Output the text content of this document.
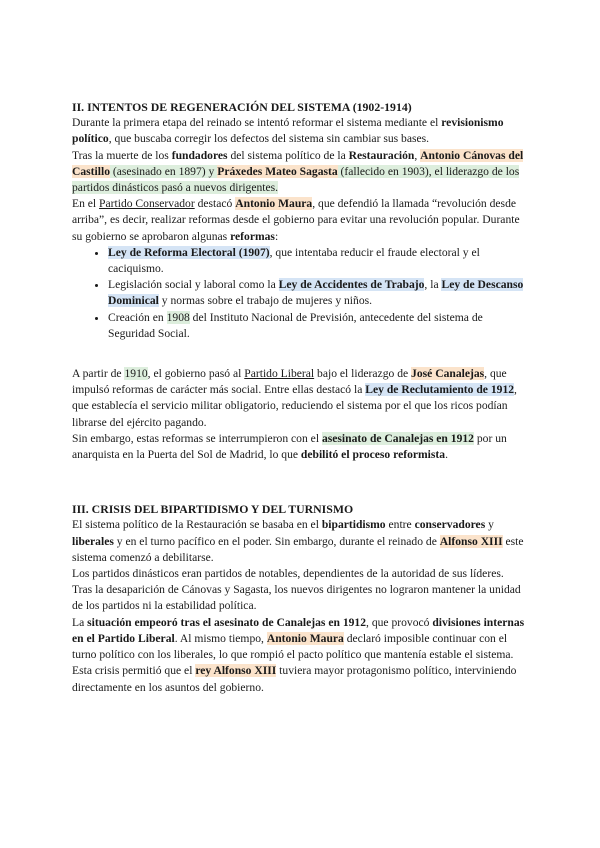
II. INTENTOS DE REGENERACIÓN DEL SISTEMA (1902-1914)

Durante la primera etapa del reinado se intentó reformar el sistema mediante el revisionismo político, que buscaba corregir los defectos del sistema sin cambiar sus bases.

Tras la muerte de los fundadores del sistema político de la Restauración, Antonio Cánovas del Castillo (asesinado en 1897) y Práxedes Mateo Sagasta (fallecido en 1903), el liderazgo de los partidos dinásticos pasó a nuevos dirigentes.

En el Partido Conservador destacó Antonio Maura, que defendió la llamada “revolución desde arriba”, es decir, realizar reformas desde el gobierno para evitar una revolución popular. Durante su gobierno se aprobaron algunas reformas:

• Ley de Reforma Electoral (1907), que intentaba reducir el fraude electoral y el caciquismo.
• Legislación social y laboral como la Ley de Accidentes de Trabajo, la Ley de Descanso Dominical y normas sobre el trabajo de mujeres y niños.
• Creación en 1908 del Instituto Nacional de Previsión, antecedente del sistema de Seguridad Social.

A partir de 1910, el gobierno pasó al Partido Liberal bajo el liderazgo de José Canalejas, que impulsó reformas de carácter más social. Entre ellas destacó la Ley de Reclutamiento de 1912, que establecía el servicio militar obligatorio, reduciendo el sistema por el que los ricos podían librarse del ejército pagando.

Sin embargo, estas reformas se interrumpieron con el asesinato de Canalejas en 1912 por un anarquista en la Puerta del Sol de Madrid, lo que debilitó el proceso reformista.

III. CRISIS DEL BIPARTIDISMO Y DEL TURNISMO

El sistema político de la Restauración se basaba en el bipartidismo entre conservadores y liberales y en el turno pacífico en el poder. Sin embargo, durante el reinado de Alfonso XIII este sistema comenzó a debilitarse.

Los partidos dinásticos eran partidos de notables, dependientes de la autoridad de sus líderes.

Tras la desaparición de Cánovas y Sagasta, los nuevos dirigentes no lograron mantener la unidad de los partidos ni la estabilidad política.

La situación empeoró tras el asesinato de Canalejas en 1912, que provocó divisiones internas en el Partido Liberal. Al mismo tiempo, Antonio Maura declaró imposible continuar con el turno político con los liberales, lo que rompió el pacto político que mantenía estable el sistema.

Esta crisis permitió que el rey Alfonso XIII tuviera mayor protagonismo político, interviniendo directamente en los asuntos del gobierno.
